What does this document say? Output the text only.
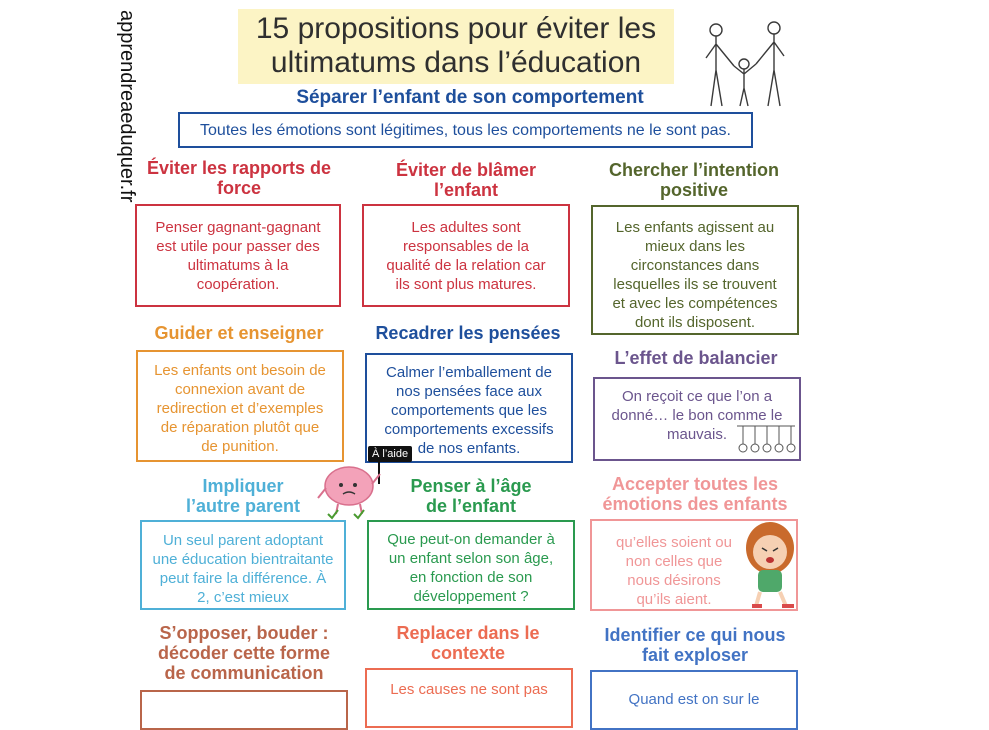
apprendreaeduquer.fr	15 propositions pour éviter les
ultimatums dans l’éducation
Séparer l’enfant de son comportement
Toutes les émotions sont légitimes, tous les comportements ne le sont pas.
Éviter les rapports de
force
Penser gagnant-gagnant
est utile pour passer des
ultimatums à la
coopération.
Éviter de blâmer
l’enfant
Les adultes sont
responsables de la
qualité de la relation car
ils sont plus matures.
Chercher l’intention
positive
Les enfants agissent au
mieux dans les
circonstances dans
lesquelles ils se trouvent
et avec les compétences
dont ils disposent.
Guider et enseigner
Les enfants ont besoin de
connexion avant de
redirection et d’exemples
de réparation plutôt que
de punition.
Recadrer les pensées
Calmer l’emballement de
nos pensées face aux
comportements que les
comportements excessifs
de nos enfants.
L’effet de balancier
On reçoit ce que l’on a
donné… le bon comme le
mauvais.
À l’aide
Impliquer
l’autre parent
Un seul parent adoptant
une éducation bientraitante
peut faire la différence. À
2, c’est mieux
Penser à l’âge
de l’enfant
Que peut-on demander à
un enfant selon son âge,
en fonction de son
développement ?
Accepter toutes les
émotions des enfants
qu’elles soient ou
non celles que
nous désirons
qu’ils aient.
S’opposer, bouder :
décoder cette forme
de communication
Replacer dans le
contexte
Les causes ne sont pas
Identifier ce qui nous
fait exploser
Quand est on sur le
